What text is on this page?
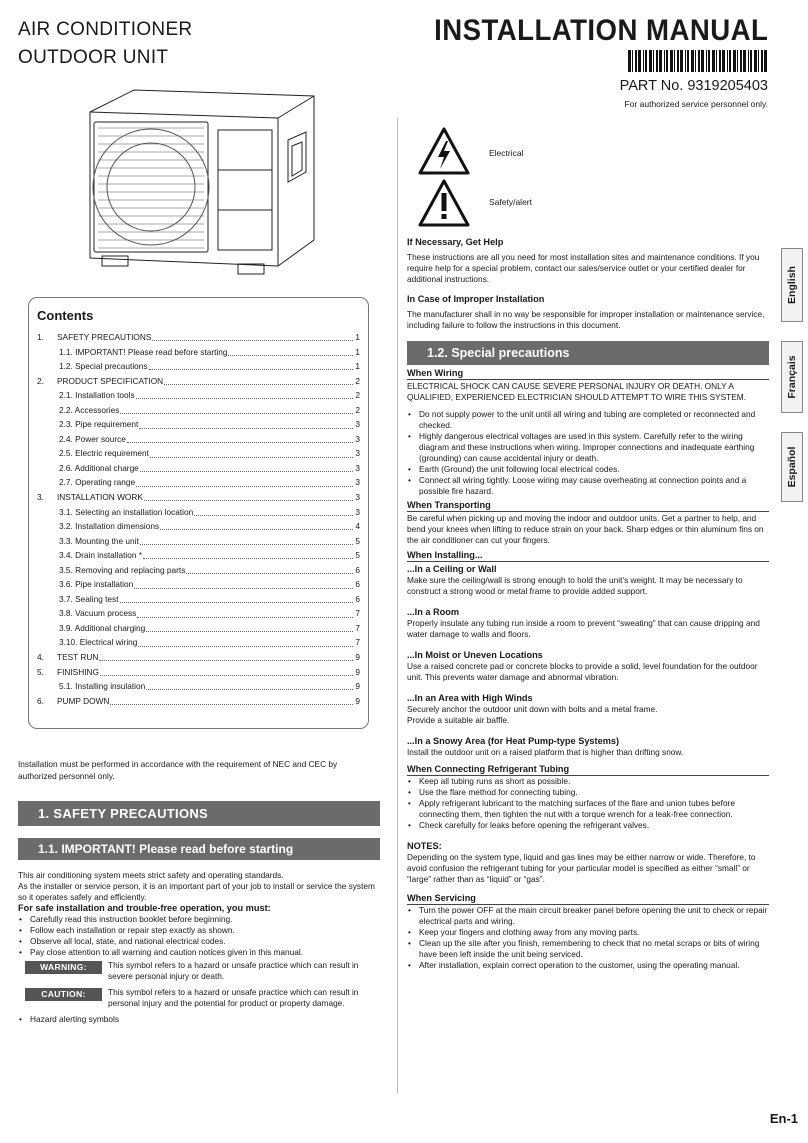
AIR CONDITIONER
OUTDOOR UNIT
INSTALLATION MANUAL
PART No. 9319205403
For authorized service personnel only.
Contents
1.	SAFETY PRECAUTIONS	1
1.1. IMPORTANT! Please read before starting	1
1.2. Special precautions	1
2.	PRODUCT SPECIFICATION	2
2.1. Installation tools	2
2.2. Accessories	2
2.3. Pipe requirement	3
2.4. Power source	3
2.5. Electric requirement	3
2.6. Additional charge	3
2.7. Operating range	3
3.	INSTALLATION WORK	3
3.1. Selecting an installation location	3
3.2. Installation dimensions	4
3.3. Mounting the unit	5
3.4. Drain installation *	5
3.5. Removing and replacing parts	6
3.6. Pipe installation	6
3.7. Sealing test	6
3.8. Vacuum process	7
3.9. Additional charging	7
3.10. Electrical wiring	7
4.	TEST RUN	9
5.	FINISHING	9
5.1. Installing insulation	9
6.	PUMP DOWN	9
Installation must be performed in accordance with the requirement of NEC and CEC by authorized personnel only.
1. SAFETY PRECAUTIONS
1.1. IMPORTANT! Please read before starting
This air conditioning system meets strict safety and operating standards.
As the installer or service person, it is an important part of your job to install or service the system so it operates safely and efficiently.
For safe installation and trouble-free operation, you must:
• Carefully read this instruction booklet before beginning.
• Follow each installation or repair step exactly as shown.
• Observe all local, state, and national electrical codes.
• Pay close attention to all warning and caution notices given in this manual.
WARNING:	This symbol refers to a hazard or unsafe practice which can result in severe personal injury or death.
CAUTION:	This symbol refers to a hazard or unsafe practice which can result in personal injury and the potential for product or property damage.
• Hazard alerting symbols
Electrical
Safety/alert
If Necessary, Get Help
These instructions are all you need for most installation sites and maintenance conditions. If you require help for a special problem, contact our sales/service outlet or your certified dealer for additional instructions.
In Case of Improper Installation
The manufacturer shall in no way be responsible for improper installation or maintenance service, including failure to follow the instructions in this document.
1.2. Special precautions
When Wiring
ELECTRICAL SHOCK CAN CAUSE SEVERE PERSONAL INJURY OR DEATH. ONLY A QUALIFIED, EXPERIENCED ELECTRICIAN SHOULD ATTEMPT TO WIRE THIS SYSTEM.
• Do not supply power to the unit until all wiring and tubing are completed or reconnected and checked.
• Highly dangerous electrical voltages are used in this system. Carefully refer to the wiring diagram and these instructions when wiring. Improper connections and inadequate earthing (grounding) can cause accidental injury or death.
• Earth (Ground) the unit following local electrical codes.
• Connect all wiring tightly. Loose wiring may cause overheating at connection points and a possible fire hazard.
When Transporting
Be careful when picking up and moving the indoor and outdoor units. Get a partner to help, and bend your knees when lifting to reduce strain on your back. Sharp edges or thin aluminum fins on the air conditioner can cut your fingers.
When Installing...
...In a Ceiling or Wall
Make sure the ceiling/wall is strong enough to hold the unit’s weight. It may be necessary to construct a strong wood or metal frame to provide added support.
...In a Room
Properly insulate any tubing run inside a room to prevent “sweating” that can cause dripping and water damage to walls and floors.
...In Moist or Uneven Locations
Use a raised concrete pad or concrete blocks to provide a solid, level foundation for the outdoor unit. This prevents water damage and abnormal vibration.
...In an Area with High Winds
Securely anchor the outdoor unit down with bolts and a metal frame.
Provide a suitable air baffle.
...In a Snowy Area (for Heat Pump-type Systems)
Install the outdoor unit on a raised platform that is higher than drifting snow.
When Connecting Refrigerant Tubing
• Keep all tubing runs as short as possible.
• Use the flare method for connecting tubing.
• Apply refrigerant lubricant to the matching surfaces of the flare and union tubes before connecting them, then tighten the nut with a torque wrench for a leak-free connection.
• Check carefully for leaks before opening the refrigerant valves.
NOTES:
Depending on the system type, liquid and gas lines may be either narrow or wide. Therefore, to avoid confusion the refrigerant tubing for your particular model is specified as either “small” or “large” rather than as “liquid” or “gas”.
When Servicing
• Turn the power OFF at the main circuit breaker panel before opening the unit to check or repair electrical parts and wiring.
• Keep your fingers and clothing away from any moving parts.
• Clean up the site after you finish, remembering to check that no metal scraps or bits of wiring have been left inside the unit being serviced.
• After installation, explain correct operation to the customer, using the operating manual.
English
Français
Español
En-1
